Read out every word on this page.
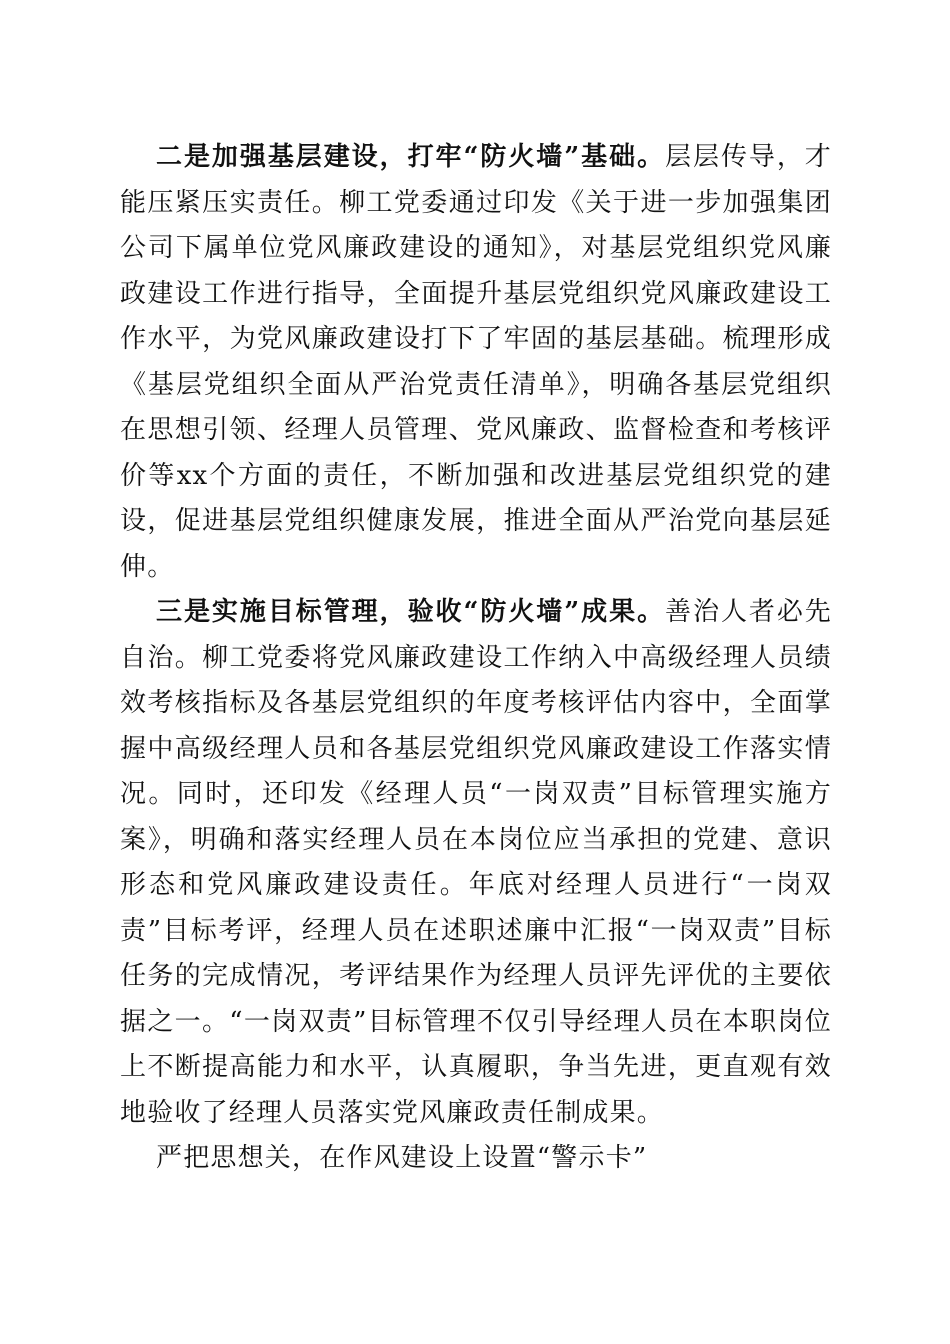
二是加强基层建设，打牢“防火墙”基础。层层传导，才能压紧压实责任。柳工党委通过印发《关于进一步加强集团公司下属单位党风廉政建设的通知》，对基层党组织党风廉政建设工作进行指导，全面提升基层党组织党风廉政建设工作水平，为党风廉政建设打下了牢固的基层基础。梳理形成《基层党组织全面从严治党责任清单》，明确各基层党组织在思想引领、经理人员管理、党风廉政、监督检查和考核评价等xx个方面的责任，不断加强和改进基层党组织党的建设，促进基层党组织健康发展，推进全面从严治党向基层延伸。

三是实施目标管理，验收“防火墙”成果。善治人者必先自治。柳工党委将党风廉政建设工作纳入中高级经理人员绩效考核指标及各基层党组织的年度考核评估内容中，全面掌握中高级经理人员和各基层党组织党风廉政建设工作落实情况。同时，还印发《经理人员“一岗双责”目标管理实施方案》，明确和落实经理人员在本岗位应当承担的党建、意识形态和党风廉政建设责任。年底对经理人员进行“一岗双责”目标考评，经理人员在述职述廉中汇报“一岗双责”目标任务的完成情况，考评结果作为经理人员评先评优的主要依据之一。“一岗双责”目标管理不仅引导经理人员在本职岗位上不断提高能力和水平，认真履职，争当先进，更直观有效地验收了经理人员落实党风廉政责任制成果。

严把思想关，在作风建设上设置“警示卡”
